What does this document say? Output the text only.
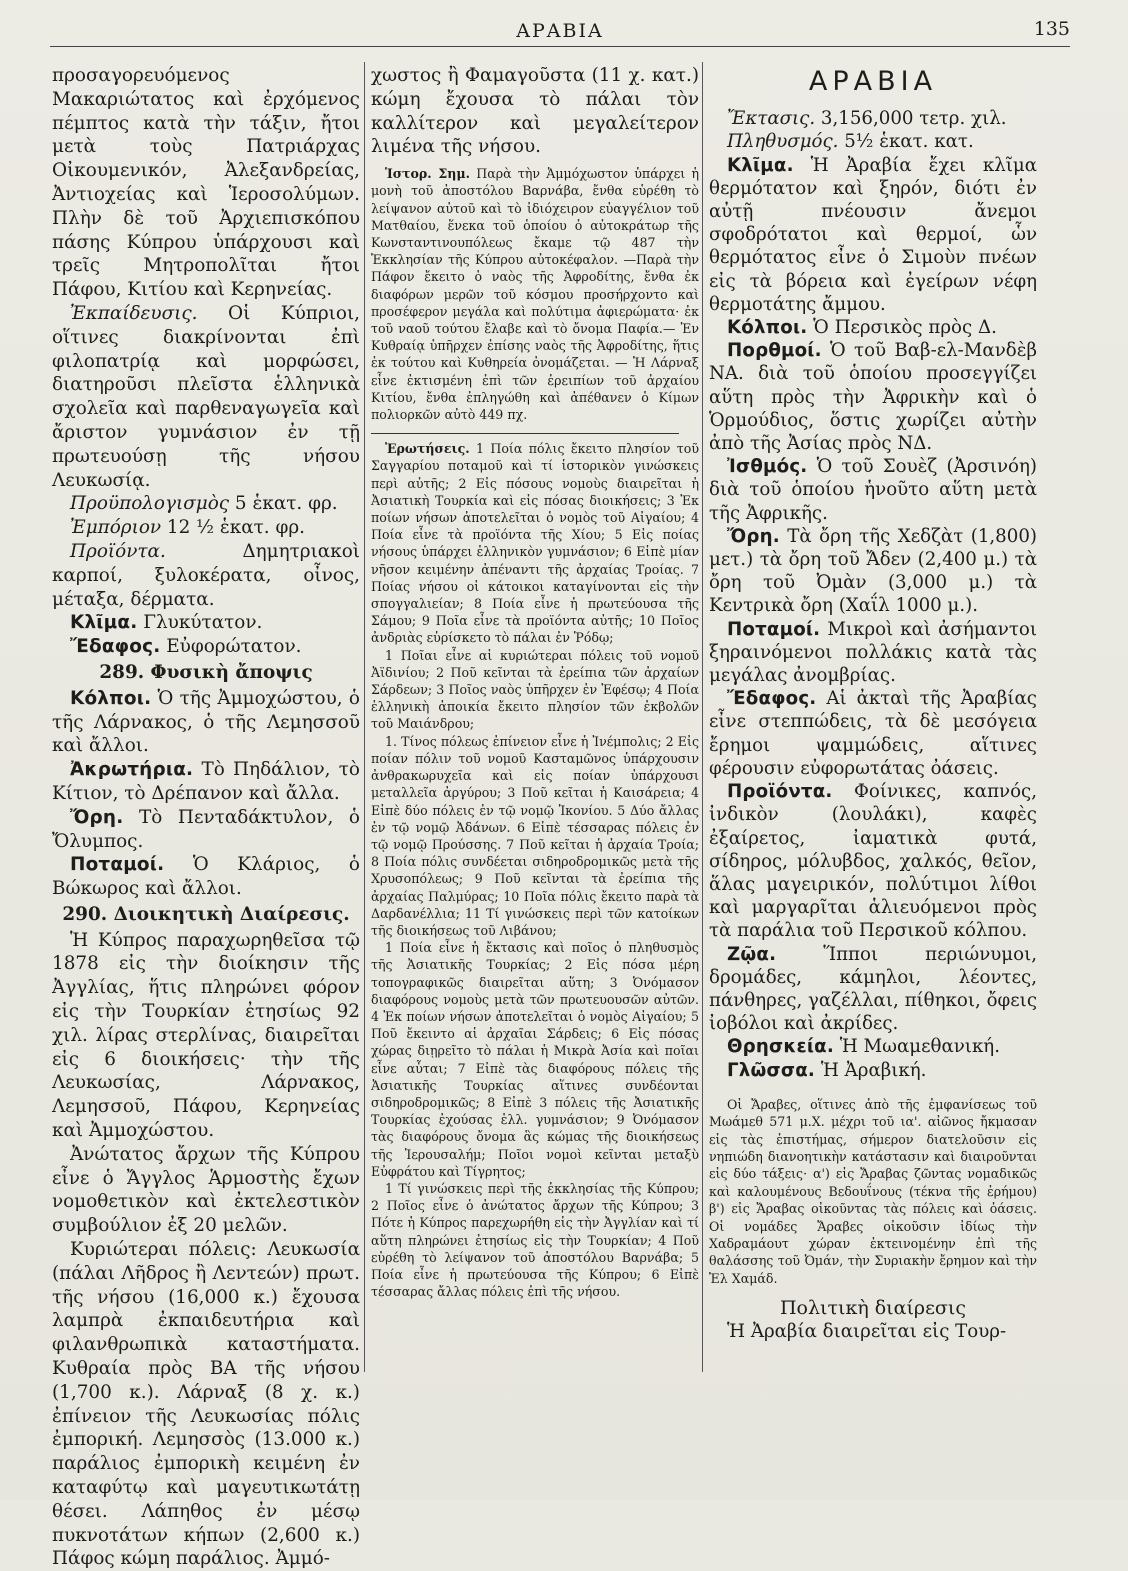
ΑΡΑΒΙΑ	135

προσαγορευόμενος Μακαριώτατος καὶ ἐρχόμενος πέμπτος κατὰ τὴν τάξιν, ἤτοι μετὰ τοὺς Πατριάρχας Οἰκουμενικόν, Ἀλεξανδρείας, Ἀντιοχείας καὶ Ἱεροσολύμων. Πλὴν δὲ τοῦ Ἀρχιεπισκόπου πάσης Κύπρου ὑπάρχουσι καὶ τρεῖς Μητροπολῖται ἤτοι Πάφου, Κιτίου καὶ Κερηνείας.

Ἐκπαίδευσις. Οἱ Κύπριοι, οἵτινες διακρίνονται ἐπὶ φιλοπατρίᾳ καὶ μορφώσει, διατηροῦσι πλεῖστα ἑλληνικὰ σχολεῖα καὶ παρθεναγωγεῖα καὶ ἄριστον γυμνάσιον ἐν τῇ πρωτευούσῃ τῆς νήσου Λευκωσίᾳ.

Προϋπολογισμὸς 5 ἑκατ. φρ.

Ἐμπόριον 12 ½ ἑκατ. φρ.

Προϊόντα. Δημητριακοὶ καρποί, ξυλοκέρατα, οἶνος, μέταξα, δέρματα.

Κλῖμα. Γλυκύτατον.

Ἔδαφος. Εὐφορώτατον.

289. Φυσικὴ ἄποψις

Κόλποι. Ὁ τῆς Ἀμμοχώστου, ὁ τῆς Λάρνακος, ὁ τῆς Λεμησσοῦ καὶ ἄλλοι.

Ἀκρωτήρια. Τὸ Πηδάλιον, τὸ Κίτιον, τὸ Δρέπανον καὶ ἄλλα.

Ὄρη. Τὸ Πενταδάκτυλον, ὁ Ὄλυμπος.

Ποταμοί. Ὁ Κλάριος, ὁ Βώκωρος καὶ ἄλλοι.

290. Διοικητικὴ Διαίρεσις.

Ἡ Κύπρος παραχωρηθεῖσα τῷ 1878 εἰς τὴν διοίκησιν τῆς Ἀγγλίας, ἥτις πληρώνει φόρον εἰς τὴν Τουρκίαν ἐτησίως 92 χιλ. λίρας στερλίνας, διαιρεῖται εἰς 6 διοικήσεις· τὴν τῆς Λευκωσίας, Λάρνακος, Λεμησσοῦ, Πάφου, Κερηνείας καὶ Ἀμμοχώστου.

Ἀνώτατος ἄρχων τῆς Κύπρου εἶνε ὁ Ἄγγλος Ἁρμοστὴς ἔχων νομοθετικὸν καὶ ἐκτελεστικὸν συμβούλιον ἐξ 20 μελῶν.

Κυριώτεραι πόλεις: Λευκωσία (πάλαι Λῆδρος ἢ Λεντεών) πρωτ. τῆς νήσου (16,000 κ.) ἔχουσα λαμπρὰ ἐκπαιδευτήρια καὶ φιλανθρωπικὰ καταστήματα. Κυθραία πρὸς ΒΑ τῆς νήσου (1,700 κ.). Λάρναξ (8 χ. κ.) ἐπίνειον τῆς Λευκωσίας πόλις ἐμπορική. Λεμησσὸς (13.000 κ.) παράλιος ἐμπορικὴ κειμένη ἐν καταφύτῳ καὶ μαγευτικωτάτῃ θέσει. Λάπηθος ἐν μέσῳ πυκνοτάτων κήπων (2,600 κ.) Πάφος κώμη παράλιος. Ἀμμό-

χωστος ἢ Φαμαγοῦστα (11 χ. κατ.) κώμη ἔχουσα τὸ πάλαι τὸν καλλίτερον καὶ μεγαλείτερον λιμένα τῆς νήσου.

Ἱστορ. Σημ. Παρὰ τὴν Ἀμμόχωστον ὑπάρχει ἡ μονὴ τοῦ ἀποστόλου Βαρνάβα, ἔνθα εὑρέθη τὸ λείψανον αὐτοῦ καὶ τὸ ἰδιόχειρον εὐαγγέλιον τοῦ Ματθαίου, ἕνεκα τοῦ ὁποίου ὁ αὐτοκράτωρ τῆς Κωνσταντινουπόλεως ἔκαμε τῷ 487 τὴν Ἐκκλησίαν τῆς Κύπρου αὐτοκέφαλον. —Παρὰ τὴν Πάφον ἔκειτο ὁ ναὸς τῆς Ἀφροδίτης, ἔνθα ἐκ διαφόρων μερῶν τοῦ κόσμου προσήρχοντο καὶ προσέφερον μεγάλα καὶ πολύτιμα ἀφιερώματα· ἐκ τοῦ ναοῦ τούτου ἔλαβε καὶ τὸ ὄνομα Παφία.— Ἐν Κυθραίᾳ ὑπῆρχεν ἐπίσης ναὸς τῆς Ἀφροδίτης, ἥτις ἐκ τούτου καὶ Κυθηρεία ὀνομάζεται. — Ἡ Λάρναξ εἶνε ἐκτισμένη ἐπὶ τῶν ἐρειπίων τοῦ ἀρχαίου Κιτίου, ἔνθα ἐπληγώθη καὶ ἀπέθανεν ὁ Κίμων πολιορκῶν αὐτὸ 449 πχ.

Ἐρωτήσεις. 1 Ποία πόλις ἔκειτο πλησίον τοῦ Σαγγαρίου ποταμοῦ καὶ τί ἱστορικὸν γινώσκεις περὶ αὐτῆς; 2 Εἰς πόσους νομοὺς διαιρεῖται ἡ Ἀσιατικὴ Τουρκία καὶ εἰς πόσας διοικήσεις; 3 Ἐκ ποίων νήσων ἀποτελεῖται ὁ νομὸς τοῦ Αἰγαίου; 4 Ποία εἶνε τὰ προϊόντα τῆς Χίου; 5 Εἰς ποίας νήσους ὑπάρχει ἑλληνικὸν γυμνάσιον; 6 Εἰπὲ μίαν νῆσον κειμένην ἀπέναντι τῆς ἀρχαίας Τροίας. 7 Ποίας νήσου οἱ κάτοικοι καταγίνονται εἰς τὴν σπογγαλιείαν; 8 Ποία εἶνε ἡ πρωτεύουσα τῆς Σάμου; 9 Ποῖα εἶνε τὰ προϊόντα αὐτῆς; 10 Ποῖος ἀνδριὰς εὑρίσκετο τὸ πάλαι ἐν Ῥόδῳ;

1 Ποῖαι εἶνε αἱ κυριώτεραι πόλεις τοῦ νομοῦ Ἀϊδινίου; 2 Ποῦ κεῖνται τὰ ἐρείπια τῶν ἀρχαίων Σάρδεων; 3 Ποῖος ναὸς ὑπῆρχεν ἐν Ἐφέσῳ; 4 Ποία ἑλληνικὴ ἀποικία ἔκειτο πλησίον τῶν ἐκβολῶν τοῦ Μαιάνδρου;

1. Τίνος πόλεως ἐπίνειον εἶνε ἡ Ἰνέμπολις; 2 Εἰς ποίαν πόλιν τοῦ νομοῦ Κασταμῶνος ὑπάρχουσιν ἀνθρακωρυχεῖα καὶ εἰς ποίαν ὑπάρχουσι μεταλλεῖα ἀργύρου; 3 Ποῦ κεῖται ἡ Καισάρεια; 4 Εἰπὲ δύο πόλεις ἐν τῷ νομῷ Ἰκονίου. 5 Δύο ἄλλας ἐν τῷ νομῷ Ἀδάνων. 6 Εἰπὲ τέσσαρας πόλεις ἐν τῷ νομῷ Προύσσης. 7 Ποῦ κεῖται ἡ ἀρχαία Τροία; 8 Ποία πόλις συνδέεται σιδηροδρομικῶς μετὰ τῆς Χρυσοπόλεως; 9 Ποῦ κεῖνται τὰ ἐρείπια τῆς ἀρχαίας Παλμύρας; 10 Ποῖα πόλις ἔκειτο παρὰ τὰ Δαρδανέλλια; 11 Τί γινώσκεις περὶ τῶν κατοίκων τῆς διοικήσεως τοῦ Λιβάνου;

1 Ποία εἶνε ἡ ἔκτασις καὶ ποῖος ὁ πληθυσμὸς τῆς Ἀσιατικῆς Τουρκίας; 2 Εἰς πόσα μέρη τοπογραφικῶς διαιρεῖται αὕτη; 3 Ὀνόμασον διαφόρους νομοὺς μετὰ τῶν πρωτευουσῶν αὐτῶν. 4 Ἐκ ποίων νήσων ἀποτελεῖται ὁ νομὸς Αἰγαίου; 5 Ποῦ ἔκειντο αἱ ἀρχαῖαι Σάρδεις; 6 Εἰς πόσας χώρας διῃρεῖτο τὸ πάλαι ἡ Μικρὰ Ἀσία καὶ ποῖαι εἶνε αὗται; 7 Εἰπὲ τὰς διαφόρους πόλεις τῆς Ἀσιατικῆς Τουρκίας αἵτινες συνδέονται σιδηροδρομικῶς; 8 Εἰπὲ 3 πόλεις τῆς Ἀσιατικῆς Τουρκίας ἐχούσας ἑλλ. γυμνάσιον; 9 Ὀνόμασον τὰς διαφόρους ὄνομα ἃς κώμας τῆς διοικήσεως τῆς Ἱερουσαλήμ; Ποῖοι νομοὶ κεῖνται μεταξὺ Εὐφράτου καὶ Τίγρητος;

1 Τί γινώσκεις περὶ τῆς ἐκκλησίας τῆς Κύπρου; 2 Ποῖος εἶνε ὁ ἀνώτατος ἄρχων τῆς Κύπρου; 3 Πότε ἡ Κύπρος παρεχωρήθη εἰς τὴν Ἀγγλίαν καὶ τί αὕτη πληρώνει ἐτησίως εἰς τὴν Τουρκίαν; 4 Ποῦ εὑρέθη τὸ λείψανον τοῦ ἀποστόλου Βαρνάβα; 5 Ποία εἶνε ἡ πρωτεύουσα τῆς Κύπρου; 6 Εἰπὲ τέσσαρας ἄλλας πόλεις ἐπὶ τῆς νήσου.

ΑΡΑΒΙΑ

Ἔκτασις. 3,156,000 τετρ. χιλ.

Πληθυσμός. 5½ ἑκατ. κατ.

Κλῖμα. Ἡ Ἀραβία ἔχει κλῖμα θερμότατον καὶ ξηρόν, διότι ἐν αὐτῇ πνέουσιν ἄνεμοι σφοδρότατοι καὶ θερμοί, ὧν θερμότατος εἶνε ὁ Σιμοὺν πνέων εἰς τὰ βόρεια καὶ ἐγείρων νέφη θερμοτάτης ἄμμου.

Κόλποι. Ὁ Περσικὸς πρὸς Δ.

Πορθμοί. Ὁ τοῦ Βαβ-ελ-Μανδὲβ ΝΑ. διὰ τοῦ ὁποίου προσεγγίζει αὕτη πρὸς τὴν Ἀφρικὴν καὶ ὁ Ὁρμούδιος, ὅστις χωρίζει αὐτὴν ἀπὸ τῆς Ἀσίας πρὸς ΝΔ.

Ἰσθμός. Ὁ τοῦ Σουὲζ (Ἀρσινόη) διὰ τοῦ ὁποίου ἡνοῦτο αὕτη μετὰ τῆς Ἀφρικῆς.

Ὄρη. Τὰ ὄρη τῆς Χεδζὰτ (1,800) μετ.) τὰ ὄρη τοῦ Ἄδεν (2,400 μ.) τὰ ὄρη τοῦ Ὀμὰν (3,000 μ.) τὰ Κεντρικὰ ὄρη (Χαΐλ 1000 μ.).

Ποταμοί. Μικροὶ καὶ ἀσήμαντοι ξηραινόμενοι πολλάκις κατὰ τὰς μεγάλας ἀνομβρίας.

Ἔδαφος. Αἱ ἀκταὶ τῆς Ἀραβίας εἶνε στεππώδεις, τὰ δὲ μεσόγεια ἔρημοι ψαμμώδεις, αἵτινες φέρουσιν εὐφορωτάτας ὀάσεις.

Προϊόντα. Φοίνικες, καπνός, ἰνδικὸν (λουλάκι), καφὲς ἐξαίρετος, ἰαματικὰ φυτά, σίδηρος, μόλυβδος, χαλκός, θεῖον, ἅλας μαγειρικόν, πολύτιμοι λίθοι καὶ μαργαρῖται ἁλιευόμενοι πρὸς τὰ παράλια τοῦ Περσικοῦ κόλπου.

Ζῷα. Ἵπποι περιώνυμοι, δρομάδες, κάμηλοι, λέοντες, πάνθηρες, γαζέλλαι, πίθηκοι, ὄφεις ἰοβόλοι καὶ ἀκρίδες.

Θρησκεία. Ἡ Μωαμεθανική.

Γλῶσσα. Ἡ Ἀραβική.

Οἱ Ἄραβες, οἵτινες ἀπὸ τῆς ἐμφανίσεως τοῦ Μωάμεθ 571 μ.Χ. μέχρι τοῦ ια'. αἰῶνος ἤκμασαν εἰς τὰς ἐπιστήμας, σήμερον διατελοῦσιν εἰς νηπιώδη διανοητικὴν κατάστασιν καὶ διαιροῦνται εἰς δύο τάξεις· α') εἰς Ἄραβας ζῶντας νομαδικῶς καὶ καλουμένους Βεδουΐνους (τέκνα τῆς ἐρήμου) β') εἰς Ἄραβας οἰκοῦντας τὰς πόλεις καὶ ὀάσεις. Οἱ νομάδες Ἄραβες οἰκοῦσιν ἰδίως τὴν Χαδραμάουτ χώραν ἐκτεινομένην ἐπὶ τῆς θαλάσσης τοῦ Ὀμάν, τὴν Συριακὴν ἔρημον καὶ τὴν Ἐλ Χαμάδ.

Πολιτικὴ διαίρεσις

Ἡ Ἀραβία διαιρεῖται εἰς Τουρ-
